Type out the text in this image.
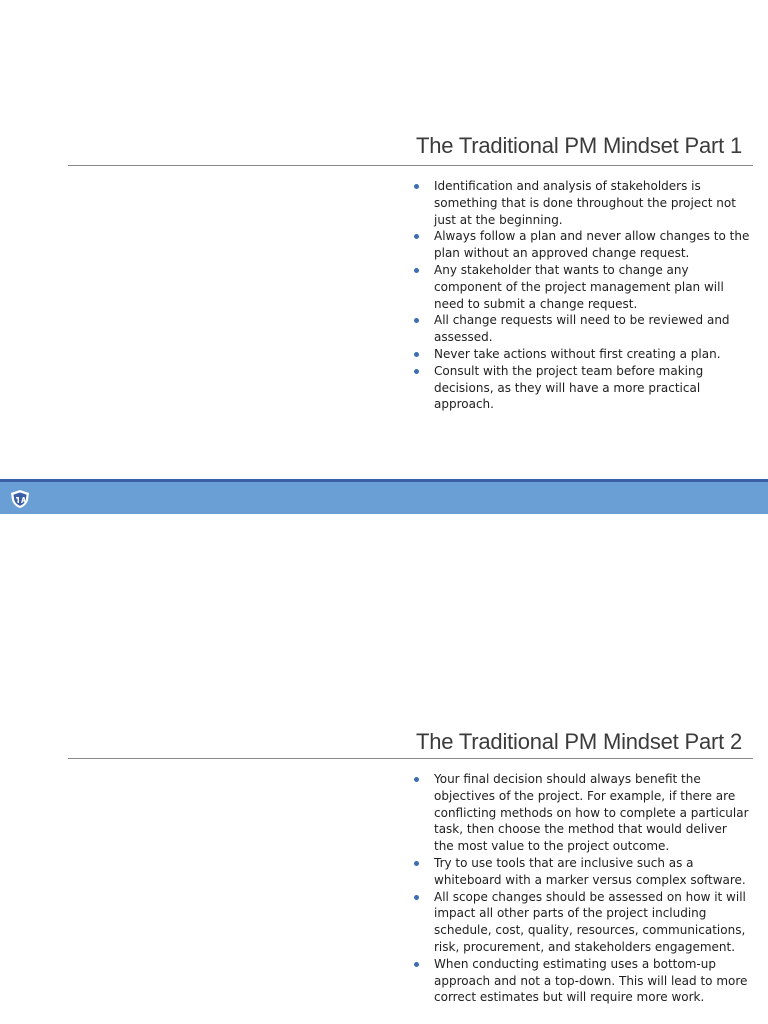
The Traditional PM Mindset Part 1
Identification and analysis of stakeholders is something that is done throughout the project not just at the beginning.
Always follow a plan and never allow changes to the plan without an approved change request.
Any stakeholder that wants to change any component of the project management plan will need to submit a change request.
All change requests will need to be reviewed and assessed.
Never take actions without first creating a plan.
Consult with the project team before making decisions, as they will have a more practical approach.
The Traditional PM Mindset Part 2
Your final decision should always benefit the objectives of the project. For example, if there are conflicting methods on how to complete a particular task, then choose the method that would deliver the most value to the project outcome.
Try to use tools that are inclusive such as a whiteboard with a marker versus complex software.
All scope changes should be assessed on how it will impact all other parts of the project including schedule, cost, quality, resources, communications, risk, procurement, and stakeholders engagement.
When conducting estimating uses a bottom-up approach and not a top-down. This will lead to more correct estimates but will require more work.
